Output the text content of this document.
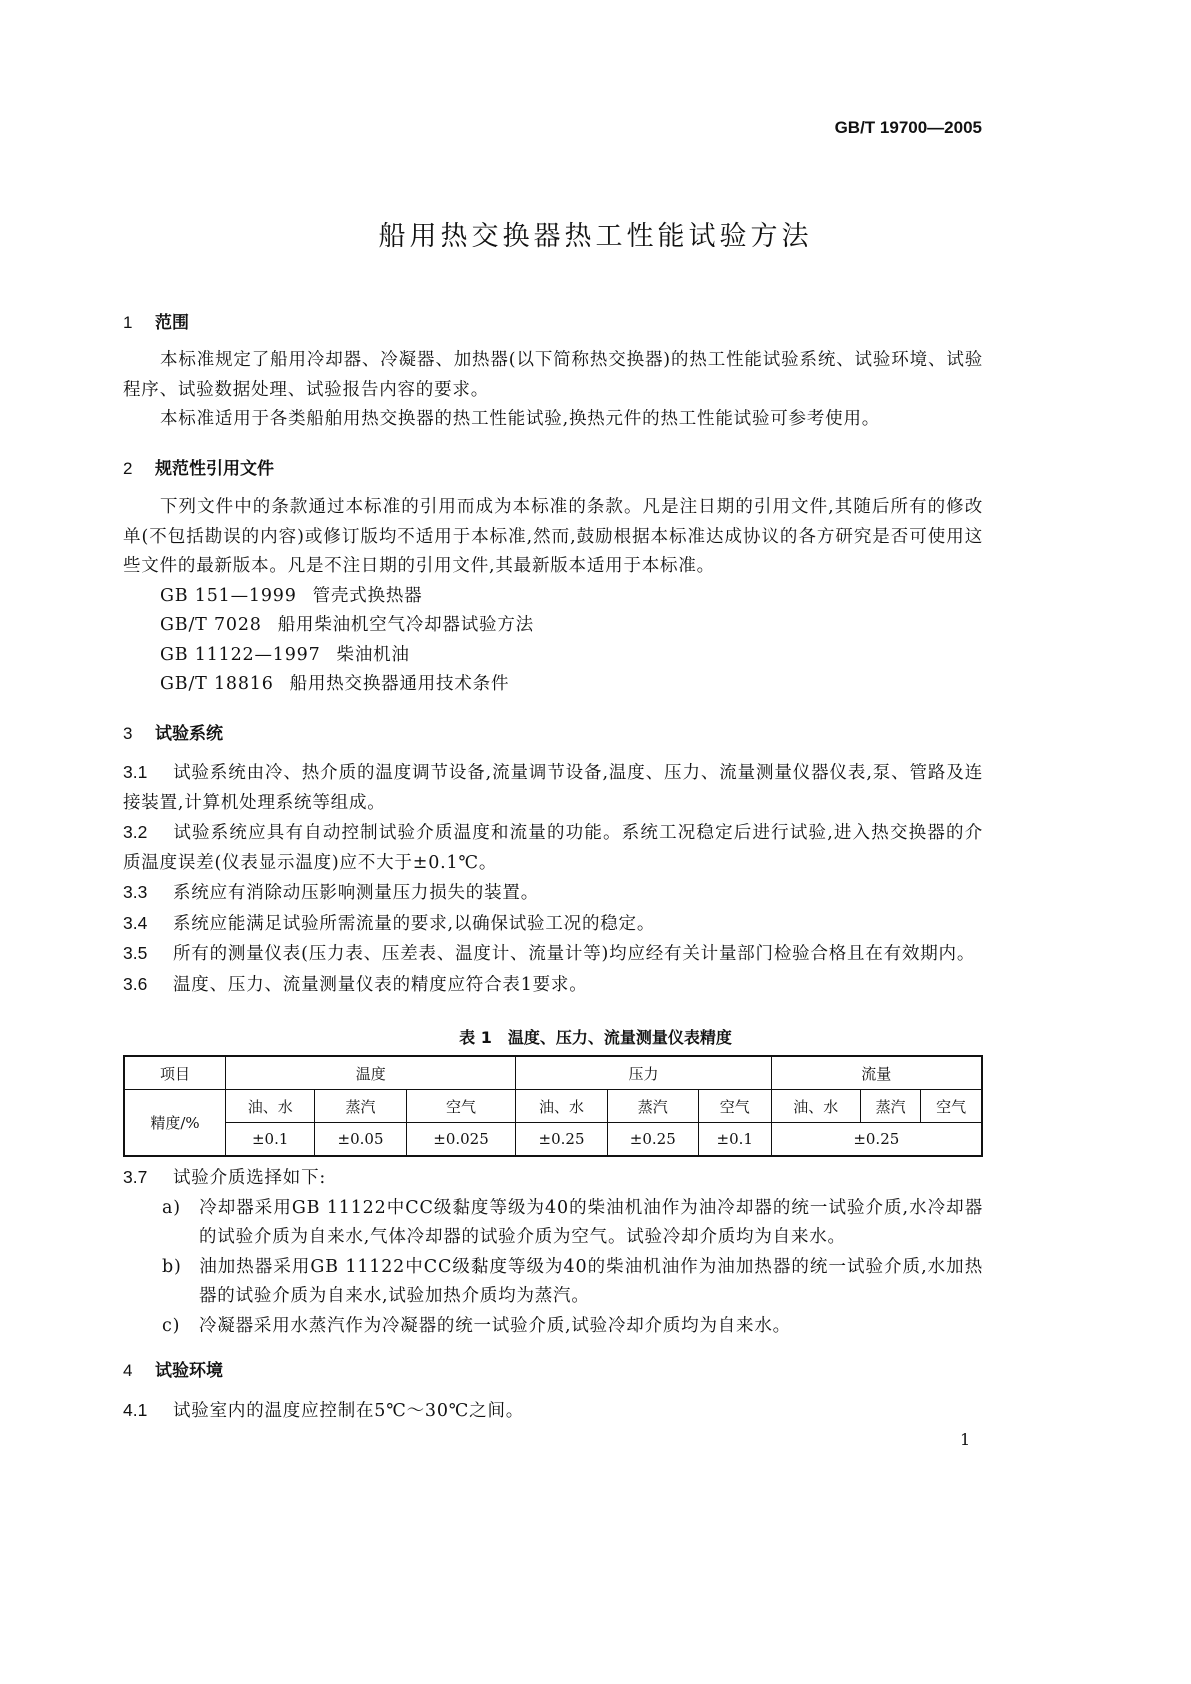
GB/T 19700—2005
船用热交换器热工性能试验方法
1 范围

本标准规定了船用冷却器、冷凝器、加热器(以下简称热交换器)的热工性能试验系统、试验环境、试验程序、试验数据处理、试验报告内容的要求。

本标准适用于各类船舶用热交换器的热工性能试验,换热元件的热工性能试验可参考使用。

2 规范性引用文件

下列文件中的条款通过本标准的引用而成为本标准的条款。凡是注日期的引用文件,其随后所有的修改单(不包括勘误的内容)或修订版均不适用于本标准,然而,鼓励根据本标准达成协议的各方研究是否可使用这些文件的最新版本。凡是不注日期的引用文件,其最新版本适用于本标准。

GB 151—1999 管壳式换热器

GB/T 7028 船用柴油机空气冷却器试验方法

GB 11122—1997 柴油机油

GB/T 18816 船用热交换器通用技术条件

3 试验系统

3.1 试验系统由冷、热介质的温度调节设备,流量调节设备,温度、压力、流量测量仪器仪表,泵、管路及连接装置,计算机处理系统等组成。

3.2 试验系统应具有自动控制试验介质温度和流量的功能。系统工况稳定后进行试验,进入热交换器的介质温度误差(仪表显示温度)应不大于±0.1℃。

3.3 系统应有消除动压影响测量压力损失的装置。

3.4 系统应能满足试验所需流量的要求,以确保试验工况的稳定。

3.5 所有的测量仪表(压力表、压差表、温度计、流量计等)均应经有关计量部门检验合格且在有效期内。

3.6 温度、压力、流量测量仪表的精度应符合表1要求。

表 1　温度、压力、流量测量仪表精度
项目	温度			压力			流量		
精度/%	油、水	蒸汽	空气	油、水	蒸汽	空气	油、水	蒸汽	空气
	±0.1	±0.05	±0.025	±0.25	±0.25	±0.1	±0.25		

3.7 试验介质选择如下:

a) 冷却器采用GB 11122中CC级黏度等级为40的柴油机油作为油冷却器的统一试验介质,水冷却器的试验介质为自来水,气体冷却器的试验介质为空气。试验冷却介质均为自来水。

b) 油加热器采用GB 11122中CC级黏度等级为40的柴油机油作为油加热器的统一试验介质,水加热器的试验介质为自来水,试验加热介质均为蒸汽。

c) 冷凝器采用水蒸汽作为冷凝器的统一试验介质,试验冷却介质均为自来水。

4 试验环境

4.1 试验室内的温度应控制在5℃～30℃之间。

1
